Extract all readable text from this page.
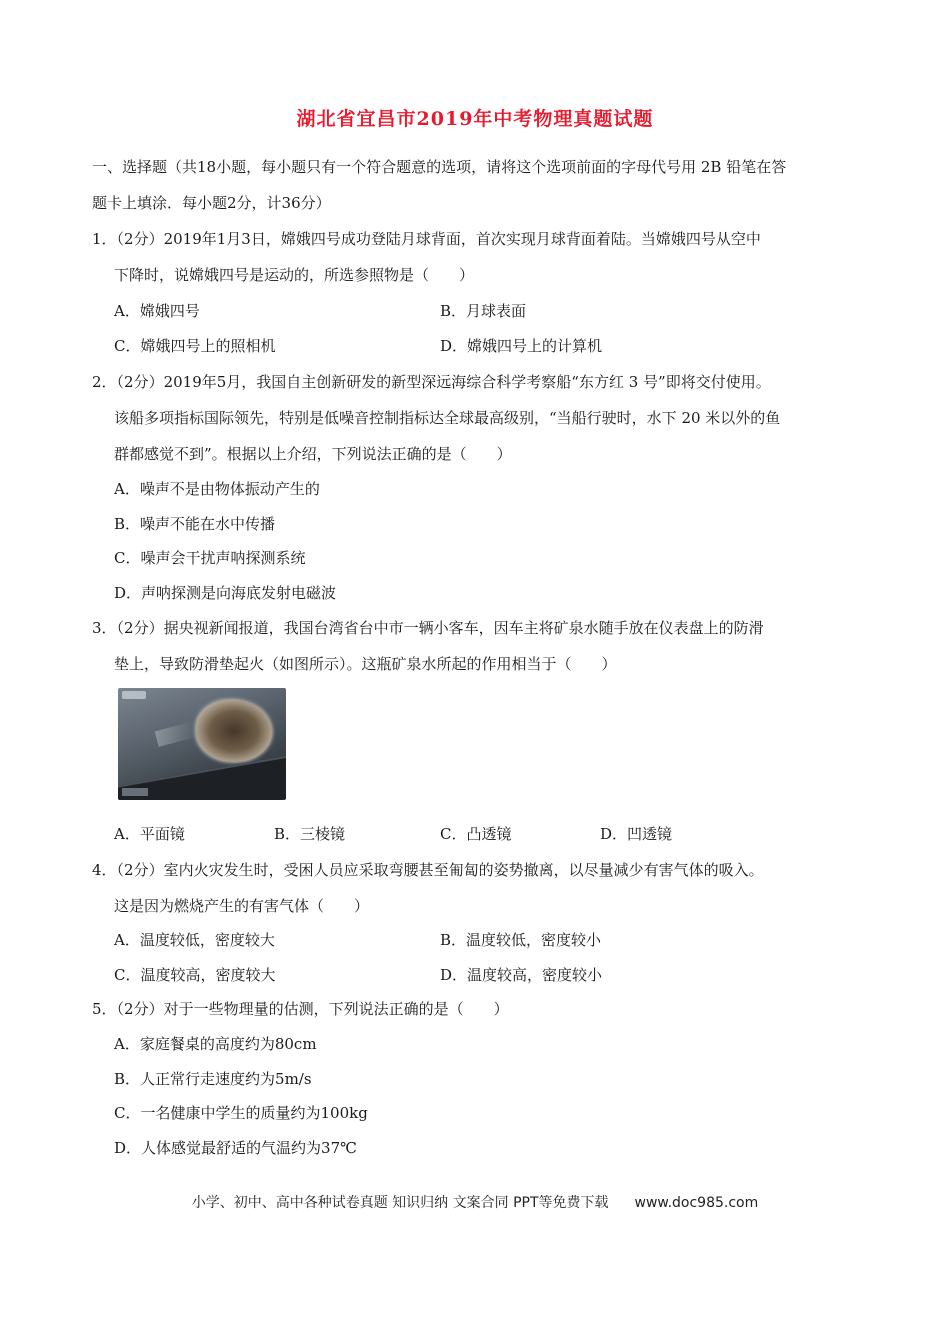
湖北省宜昌市2019年中考物理真题试题
一、选择题（共18小题，每小题只有一个符合题意的选项，请将这个选项前面的字母代号用 2B 铅笔在答
题卡上填涂．每小题2分，计36分）
1．（2分）2019年1月3日，嫦娥四号成功登陆月球背面，首次实现月球背面着陆。当嫦娥四号从空中
下降时，说嫦娥四号是运动的，所选参照物是（　　）
A．嫦娥四号	B．月球表面
C．嫦娥四号上的照相机	D．嫦娥四号上的计算机
2．（2分）2019年5月，我国自主创新研发的新型深远海综合科学考察船“东方红 3 号”即将交付使用。
该船多项指标国际领先，特别是低噪音控制指标达全球最高级别，“当船行驶时，水下 20 米以外的鱼
群都感觉不到”。根据以上介绍，下列说法正确的是（　　）
A．噪声不是由物体振动产生的
B．噪声不能在水中传播
C．噪声会干扰声呐探测系统
D．声呐探测是向海底发射电磁波
3．（2分）据央视新闻报道，我国台湾省台中市一辆小客车，因车主将矿泉水随手放在仪表盘上的防滑
垫上，导致防滑垫起火（如图所示）。这瓶矿泉水所起的作用相当于（　　）
A．平面镜	B．三棱镜	C．凸透镜	D．凹透镜
4．（2分）室内火灾发生时，受困人员应采取弯腰甚至匍匐的姿势撤离，以尽量减少有害气体的吸入。
这是因为燃烧产生的有害气体（　　）
A．温度较低，密度较大	B．温度较低，密度较小
C．温度较高，密度较大	D．温度较高，密度较小
5．（2分）对于一些物理量的估测，下列说法正确的是（　　）
A．家庭餐桌的高度约为80cm
B．人正常行走速度约为5m/s
C．一名健康中学生的质量约为100kg
D．人体感觉最舒适的气温约为37℃
小学、初中、高中各种试卷真题 知识归纳 文案合同 PPT等免费下载 www.doc985.com
